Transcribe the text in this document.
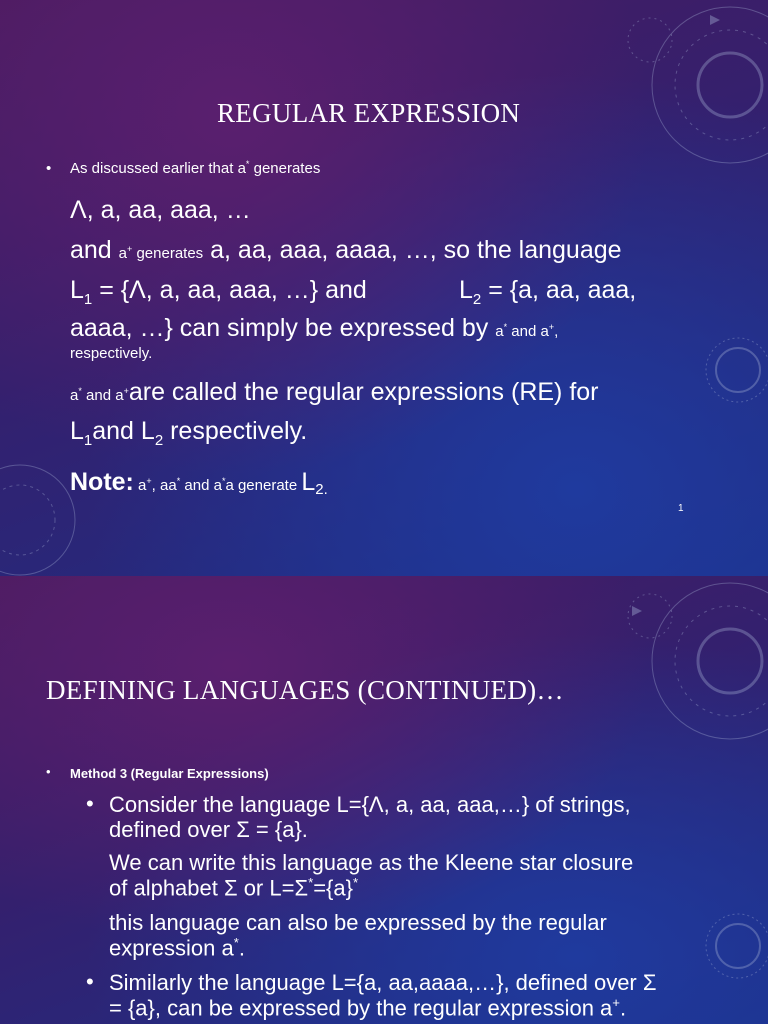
REGULAR EXPRESSION
• As discussed earlier that a* generates
Λ, a, aa, aaa, …
and a+ generates a, aa, aaa, aaaa, …, so the language
$L_1 = \{\Lambda$, a, aa, aaa, …} and	$L_2 = \{a$, aa, aaa,
aaaa, …} can simply be expressed by a* and a+,
respectively.
a* and a+are called the regular expressions (RE) for
$L_1and$ $L_2$ respectively.
Note: a+, aa* and a*a generate $L_{2.}$
1
DEFINING LANGUAGES (CONTINUED)…
• Method 3 (Regular Expressions)
• Consider the language L={Λ, a, aa, aaa,…} of strings,
defined over Σ = {a}.
We can write this language as the Kleene star closure
of alphabet Σ or L=Σ*={a}*
this language can also be expressed by the regular
expression a*.
• Similarly the language L={a, aa,aaaa,…}, defined over Σ
= {a}, can be expressed by the regular expression a+.
